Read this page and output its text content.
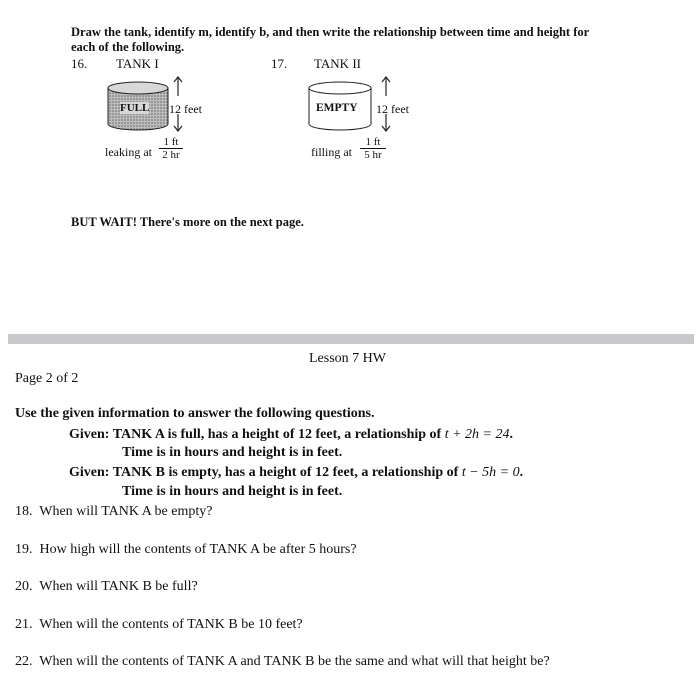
Draw the tank, identify m, identify b, and then write the relationship between time and height for
each of the following.
16. TANK I
FULL 12 feet
leaking at $\frac{1 ft}{2 hr}$
17. TANK II
EMPTY 12 feet
filling at $\frac{1 ft}{5 hr}$
BUT WAIT! There's more on the next page.
Lesson 7 HW
Page 2 of 2
Use the given information to answer the following questions.
Given: TANK A is full, has a height of 12 feet, a relationship of t + 2h = 24.
Time is in hours and height is in feet.
Given: TANK B is empty, has a height of 12 feet, a relationship of t − 5h = 0.
Time is in hours and height is in feet.
18. When will TANK A be empty?
19. How high will the contents of TANK A be after 5 hours?
20. When will TANK B be full?
21. When will the contents of TANK B be 10 feet?
22. When will the contents of TANK A and TANK B be the same and what will that height be?
